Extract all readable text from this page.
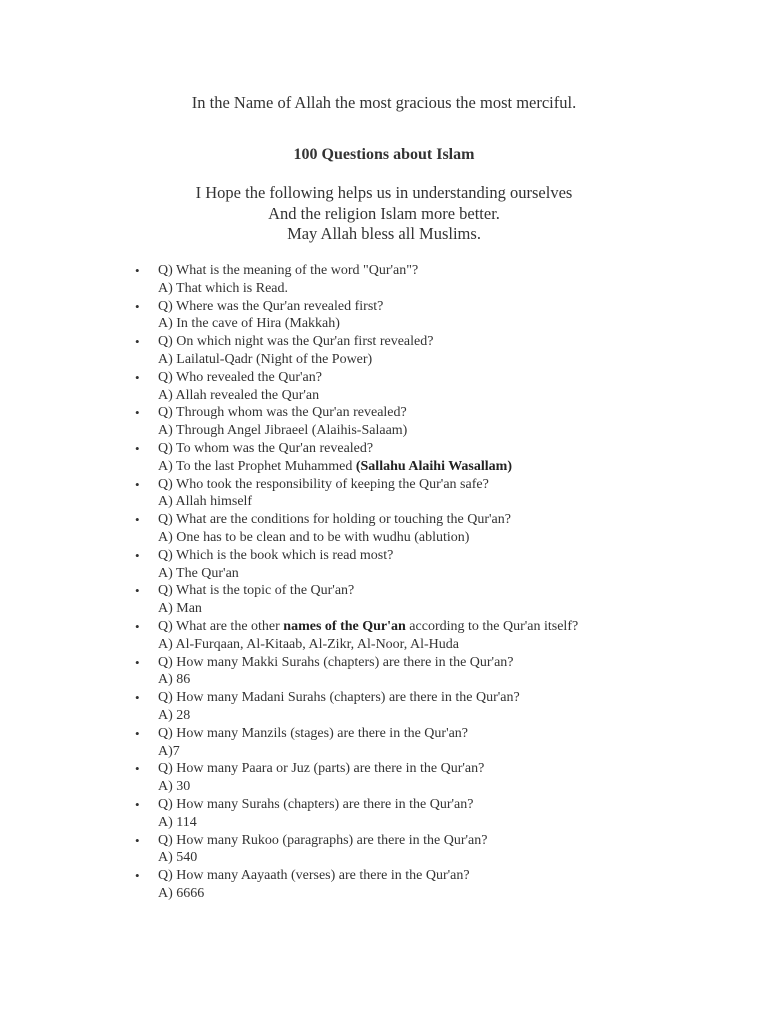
In the Name of Allah the most gracious the most merciful.

100 Questions about Islam

I Hope the following helps us in understanding ourselves
And the religion Islam more better.
May Allah bless all Muslims.
• Q) What is the meaning of the word "Qur'an"?
A) That which is Read.
• Q) Where was the Qur'an revealed first?
A) In the cave of Hira (Makkah)
• Q) On which night was the Qur'an first revealed?
A) Lailatul-Qadr (Night of the Power)
• Q) Who revealed the Qur'an?
A) Allah revealed the Qur'an
• Q) Through whom was the Qur'an revealed?
A) Through Angel Jibraeel (Alaihis-Salaam)
• Q) To whom was the Qur'an revealed?
A) To the last Prophet Muhammed (Sallahu Alaihi Wasallam)
• Q) Who took the responsibility of keeping the Qur'an safe?
A) Allah himself
• Q) What are the conditions for holding or touching the Qur'an?
A) One has to be clean and to be with wudhu (ablution)
• Q) Which is the book which is read most?
A) The Qur'an
• Q) What is the topic of the Qur'an?
A) Man
• Q) What are the other names of the Qur'an according to the Qur'an itself?
A) Al-Furqaan, Al-Kitaab, Al-Zikr, Al-Noor, Al-Huda
• Q) How many Makki Surahs (chapters) are there in the Qur'an?
A) 86
• Q) How many Madani Surahs (chapters) are there in the Qur'an?
A) 28
• Q) How many Manzils (stages) are there in the Qur'an?
A)7
• Q) How many Paara or Juz (parts) are there in the Qur'an?
A) 30
• Q) How many Surahs (chapters) are there in the Qur'an?
A) 114
• Q) How many Rukoo (paragraphs) are there in the Qur'an?
A) 540
• Q) How many Aayaath (verses) are there in the Qur'an?
A) 6666
